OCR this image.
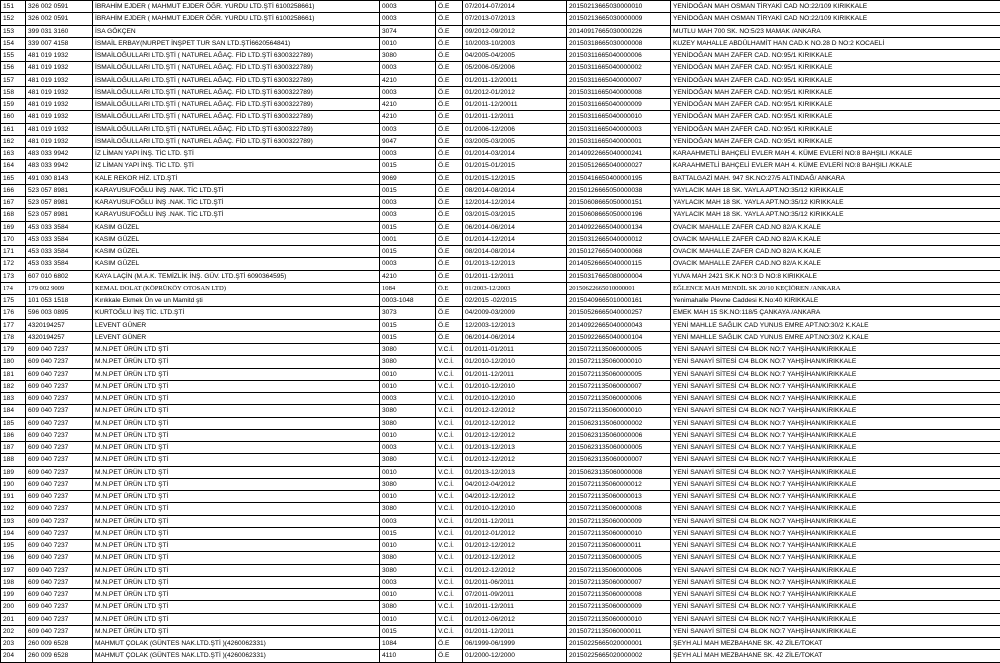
151	326 002 0591	İBRAHİM EJDER ( MAHMUT EJDER ÖĞR. YURDU LTD.ŞTİ 6100258661)	0003	Ö.E	07/2014-07/2014	20150213665030000010	YENİDOĞAN MAH OSMAN TİRYAKİ CAD NO:22/109 KIRIKKALE
152	326 002 0591	İBRAHİM EJDER ( MAHMUT EJDER ÖĞR. YURDU LTD.ŞTİ 6100258661)	0003	Ö.E	07/2013-07/2013	20150213665030000009	YENİDOĞAN MAH OSMAN TİRYAKİ CAD NO:22/109 KIRIKKALE
153	399 031 3160	İSA GÖKÇEN	3074	Ö.E	09/2012-09/2012	20140917665030000226	MUTLU MAH 700 SK. NO:5/23 MAMAK /ANKARA
154	339 007 4158	İSMAİL ERBAY(NURPET İNŞPET TUR SAN LTD.ŞTİ6620564841)	0010	Ö.E	10/2003-10/2003	20150318665030000008	KUZEY MAHALLE ABDÜLHAMİT HAN CAD.K NO.28 D NO:2 KOCAELİ
155	481 019 1932	İSMAİLOĞULLARI LTD.ŞTİ ( NATUREL AĞAÇ. FİD LTD.ŞTİ 6300322789)	3080	Ö.E	04/2005-04/2005	20150311665040000006	YENİDOĞAN MAH ZAFER CAD. NO:95/1 KIRIKKALE
156	481 019 1932	İSMAİLOĞULLARI LTD.ŞTİ ( NATUREL AĞAÇ. FİD LTD.ŞTİ 6300322789)	0003	Ö.E	05/2006-05/2006	20150311665040000002	YENİDOĞAN MAH ZAFER CAD. NO:95/1 KIRIKKALE
157	481 019 1932	İSMAİLOĞULLARI LTD.ŞTİ ( NATUREL AĞAÇ. FİD LTD.ŞTİ 6300322789)	4210	Ö.E	01/2011-12/20011	20150311665040000007	YENİDOĞAN MAH ZAFER CAD. NO:95/1 KIRIKKALE
158	481 019 1932	İSMAİLOĞULLARI LTD.ŞTİ ( NATUREL AĞAÇ. FİD LTD.ŞTİ 6300322789)	0003	Ö.E	01/2012-01/2012	20150311665040000008	YENİDOĞAN MAH ZAFER CAD. NO:95/1 KIRIKKALE
159	481 019 1932	İSMAİLOĞULLARI LTD.ŞTİ ( NATUREL AĞAÇ. FİD LTD.ŞTİ 6300322789)	4210	Ö.E	01/2011-12/20011	20150311665040000009	YENİDOĞAN MAH ZAFER CAD. NO:95/1 KIRIKKALE
160	481 019 1932	İSMAİLOĞULLARI LTD.ŞTİ ( NATUREL AĞAÇ. FİD LTD.ŞTİ 6300322789)	4210	Ö.E	01/2011-12/2011	20150311665040000010	YENİDOĞAN MAH ZAFER CAD. NO:95/1 KIRIKKALE
161	481 019 1932	İSMAİLOĞULLARI LTD.ŞTİ ( NATUREL AĞAÇ. FİD LTD.ŞTİ 6300322789)	0003	Ö.E	01/2006-12/2006	20150311665040000003	YENİDOĞAN MAH ZAFER CAD. NO:95/1 KIRIKKALE
162	481 019 1932	İSMAİLOĞULLARI LTD.ŞTİ ( NATUREL AĞAÇ. FİD LTD.ŞTİ 6300322789)	9047	Ö.E	03/2005-03/2005	20150311665040000001	YENİDOĞAN MAH ZAFER CAD. NO:95/1 KIRIKKALE
163	483 033 9942	İZ LİMAN YAPI İNŞ. TİC LTD. ŞTİ	0003	Ö.E	01/2014-03/2014	20140922665040000241	KARAAHMETLİ BAHÇELİ EVLER MAH 4. KÜME EVLERİ NO:8 BAHŞILI /KKALE
164	483 033 9942	İZ LİMAN YAPI İNŞ. TİC LTD. ŞTİ	0015	Ö.E	01/2015-01/2015	20150512665040000027	KARAAHMETLİ BAHÇELİ EVLER MAH 4. KÜME EVLERİ NO:8 BAHŞILI /KKALE
165	491 030 8143	KALE REKOR HİZ. LTD.ŞTİ	9069	Ö.E	01/2015-12/2015	20150416650400000195	BATTALGAZİ MAH. 947 SK.NO:27/5 ALTINDAĞ/ ANKARA
166	523 057 8981	KARAYUSUFOĞLU İNŞ .NAK. TİC LTD.ŞTİ	0015	Ö.E	08/2014-08/2014	20150126665050000038	YAYLACIK MAH 18 SK. YAYLA APT.NO:35/12 KIRIKKALE
167	523 057 8981	KARAYUSUFOĞLU İNŞ .NAK. TİC LTD.ŞTİ	0003	Ö.E	12/2014-12/2014	20150608665050000151	YAYLACIK MAH 18 SK. YAYLA APT.NO:35/12 KIRIKKALE
168	523 057 8981	KARAYUSUFOĞLU İNŞ .NAK. TİC LTD.ŞTİ	0003	Ö.E	03/2015-03/2015	20150608665050000196	YAYLACIK MAH 18 SK. YAYLA APT.NO:35/12 KIRIKKALE
169	453 033 3584	KASIM GÜZEL	0015	Ö.E	06/2014-06/2014	20140922665040000134	OVACIK MAHALLE ZAFER CAD.NO 82/A K.KALE
170	453 033 3584	KASIM GÜZEL	0001	Ö.E	01/2014-12/2014	20150312665040000012	OVACIK MAHALLE ZAFER CAD.NO 82/A K.KALE
171	453 033 3584	KASIM GÜZEL	0015	Ö.E	08/2014-08/2014	20150127665040000068	OVACIK MAHALLE ZAFER CAD.NO 82/A K.KALE
172	453 033 3584	KASIM GÜZEL	0003	Ö.E	01/2013-12/2013	20140526665040000115	OVACIK MAHALLE ZAFER CAD.NO 82/A K.KALE
173	607 010 6802	KAYA LAÇİN (M.A.K. TEMİZLİK İNŞ. GÜV. LTD.ŞTİ 6090364595)	4210	Ö.E	01/2011-12/2011	20150317665080000004	YUVA MAH 2421 SK.K NO:3 D NO:8 KIRIKKALE
174	179 002 9009	KEMAL DOLAT (KÖPRÜKÖY OTOSAN LTD)	1084	Ö.E	01/2003-12/2003	20150622665010000001	EĞLENCE MAH MENDİL SK 20/10 KEÇİÖREN /ANKARA
175	101 053 1518	Kırıkkale Ekmek Ün ve un Mamitd şti	0003-1048	Ö.E	02/2015 -02/2015	20150409665010000161	Yenimahalle Plevne Caddesi K.No:40 KIRIKKALE
176	596 003 0895	KURTOĞLU İNŞ TİC. LTD.ŞTİ	3073	Ö.E	04/2009-03/2009	20150526665040000257	EMEK MAH 15 SK.NO:118/5 ÇANKAYA /ANKARA
177	4320194257	LEVENT GÜNER	0015	Ö.E	12/2003-12/2013	20140922665040000043	YENİ MAHLLE SAĞLIK CAD YUNUS EMRE APT.NO:30/2 K.KALE
178	4320194257	LEVENT GÜNER	0015	Ö.E	06/2014-06/2014	20150922665040000104	YENİ MAHLLE SAĞLIK CAD YUNUS EMRE APT.NO:30/2 K.KALE
179	609 040 7237	M.N.PET ÜRÜN LTD ŞTİ	3080	V.C.İ.	01/2011-01/2011	20150721135060000005	YENİ SANAYİ SİTESİ C/4 BLOK NO:7 YAHŞİHAN/KIRIKKALE
180	609 040 7237	M.N.PET ÜRÜN LTD ŞTİ	3080	V.C.İ.	01/2010-12/2010	20150721135060000010	YENİ SANAYİ SİTESİ C/4 BLOK NO:7 YAHŞİHAN/KIRIKKALE
181	609 040 7237	M.N.PET ÜRÜN LTD ŞTİ	0010	V.C.İ.	01/2011-12/2011	20150721135060000005	YENİ SANAYİ SİTESİ C/4 BLOK NO:7 YAHŞİHAN/KIRIKKALE
182	609 040 7237	M.N.PET ÜRÜN LTD ŞTİ	0010	V.C.İ.	01/2010-12/2010	20150721135060000007	YENİ SANAYİ SİTESİ C/4 BLOK NO:7 YAHŞİHAN/KIRIKKALE
183	609 040 7237	M.N.PET ÜRÜN LTD ŞTİ	0003	V.C.İ.	01/2010-12/2010	20150721135060000006	YENİ SANAYİ SİTESİ C/4 BLOK NO:7 YAHŞİHAN/KIRIKKALE
184	609 040 7237	M.N.PET ÜRÜN LTD ŞTİ	3080	V.C.İ.	01/2012-12/2012	20150721135060000010	YENİ SANAYİ SİTESİ C/4 BLOK NO:7 YAHŞİHAN/KIRIKKALE
185	609 040 7237	M.N.PET ÜRÜN LTD ŞTİ	3080	V.C.İ.	01/2012-12/2012	20150623135060000002	YENİ SANAYİ SİTESİ C/4 BLOK NO:7 YAHŞİHAN/KIRIKKALE
186	609 040 7237	M.N.PET ÜRÜN LTD ŞTİ	0010	V.C.İ.	01/2012-12/2012	20150623135060000006	YENİ SANAYİ SİTESİ C/4 BLOK NO:7 YAHŞİHAN/KIRIKKALE
187	609 040 7237	M.N.PET ÜRÜN LTD ŞTİ	0003	V.C.İ.	01/2013-12/2013	20150623135060000005	YENİ SANAYİ SİTESİ C/4 BLOK NO:7 YAHŞİHAN/KIRIKKALE
188	609 040 7237	M.N.PET ÜRÜN LTD ŞTİ	3080	V.C.İ.	01/2012-12/2012	20150623135060000007	YENİ SANAYİ SİTESİ C/4 BLOK NO:7 YAHŞİHAN/KIRIKKALE
189	609 040 7237	M.N.PET ÜRÜN LTD ŞTİ	0010	V.C.İ.	01/2013-12/2013	20150623135060000008	YENİ SANAYİ SİTESİ C/4 BLOK NO:7 YAHŞİHAN/KIRIKKALE
190	609 040 7237	M.N.PET ÜRÜN LTD ŞTİ	3080	V.C.İ.	04/2012-04/2012	20150721135060000012	YENİ SANAYİ SİTESİ C/4 BLOK NO:7 YAHŞİHAN/KIRIKKALE
191	609 040 7237	M.N.PET ÜRÜN LTD ŞTİ	0010	V.C.İ.	04/2012-12/2012	20150721135060000013	YENİ SANAYİ SİTESİ C/4 BLOK NO:7 YAHŞİHAN/KIRIKKALE
192	609 040 7237	M.N.PET ÜRÜN LTD ŞTİ	3080	V.C.İ.	01/2010-12/2010	20150721135060000008	YENİ SANAYİ SİTESİ C/4 BLOK NO:7 YAHŞİHAN/KIRIKKALE
193	609 040 7237	M.N.PET ÜRÜN LTD ŞTİ	0003	V.C.İ.	01/2011-12/2011	20150721135060000009	YENİ SANAYİ SİTESİ C/4 BLOK NO:7 YAHŞİHAN/KIRIKKALE
194	609 040 7237	M.N.PET ÜRÜN LTD ŞTİ	0015	V.C.İ.	01/2012-01/2012	20150721135060000010	YENİ SANAYİ SİTESİ C/4 BLOK NO:7 YAHŞİHAN/KIRIKKALE
195	609 040 7237	M.N.PET ÜRÜN LTD ŞTİ	0010	V.C.İ.	01/2012-12/2012	20150721135060000011	YENİ SANAYİ SİTESİ C/4 BLOK NO:7 YAHŞİHAN/KIRIKKALE
196	609 040 7237	M.N.PET ÜRÜN LTD ŞTİ	3080	V.C.İ.	01/2012-12/2012	20150721135060000005	YENİ SANAYİ SİTESİ C/4 BLOK NO:7 YAHŞİHAN/KIRIKKALE
197	609 040 7237	M.N.PET ÜRÜN LTD ŞTİ	3080	V.C.İ.	01/2012-12/2012	20150721135060000006	YENİ SANAYİ SİTESİ C/4 BLOK NO:7 YAHŞİHAN/KIRIKKALE
198	609 040 7237	M.N.PET ÜRÜN LTD ŞTİ	0003	V.C.İ.	01/2011-06/2011	20150721135060000007	YENİ SANAYİ SİTESİ C/4 BLOK NO:7 YAHŞİHAN/KIRIKKALE
199	609 040 7237	M.N.PET ÜRÜN LTD ŞTİ	0010	V.C.İ.	07/2011-09/2011	20150721135060000008	YENİ SANAYİ SİTESİ C/4 BLOK NO:7 YAHŞİHAN/KIRIKKALE
200	609 040 7237	M.N.PET ÜRÜN LTD ŞTİ	3080	V.C.İ.	10/2011-12/2011	20150721135060000009	YENİ SANAYİ SİTESİ C/4 BLOK NO:7 YAHŞİHAN/KIRIKKALE
201	609 040 7237	M.N.PET ÜRÜN LTD ŞTİ	0010	V.C.İ.	01/2012-06/2012	20150721135060000010	YENİ SANAYİ SİTESİ C/4 BLOK NO:7 YAHŞİHAN/KIRIKKALE
202	609 040 7237	M.N.PET ÜRÜN LTD ŞTİ	0015	V.C.İ.	01/2011-12/2011	20150721135060000011	YENİ SANAYİ SİTESİ C/4 BLOK NO:7 YAHŞİHAN/KIRIKKALE
203	260 009 6528	MAHMUT ÇOLAK (GÜNTES NAK.LTD.ŞTİ )(4260062331)	1084	Ö.E	06/1999-06/1999	20150225665020000001	ŞEYH ALİ MAH MEZBAHANE SK. 42 ZİLE/TOKAT
204	260 009 6528	MAHMUT ÇOLAK (GÜNTES NAK.LTD.ŞTİ )(4260062331)	4110	Ö.E	01/2000-12/2000	20150225665020000002	ŞEYH ALİ MAH MEZBAHANE SK. 42 ZİLE/TOKAT
